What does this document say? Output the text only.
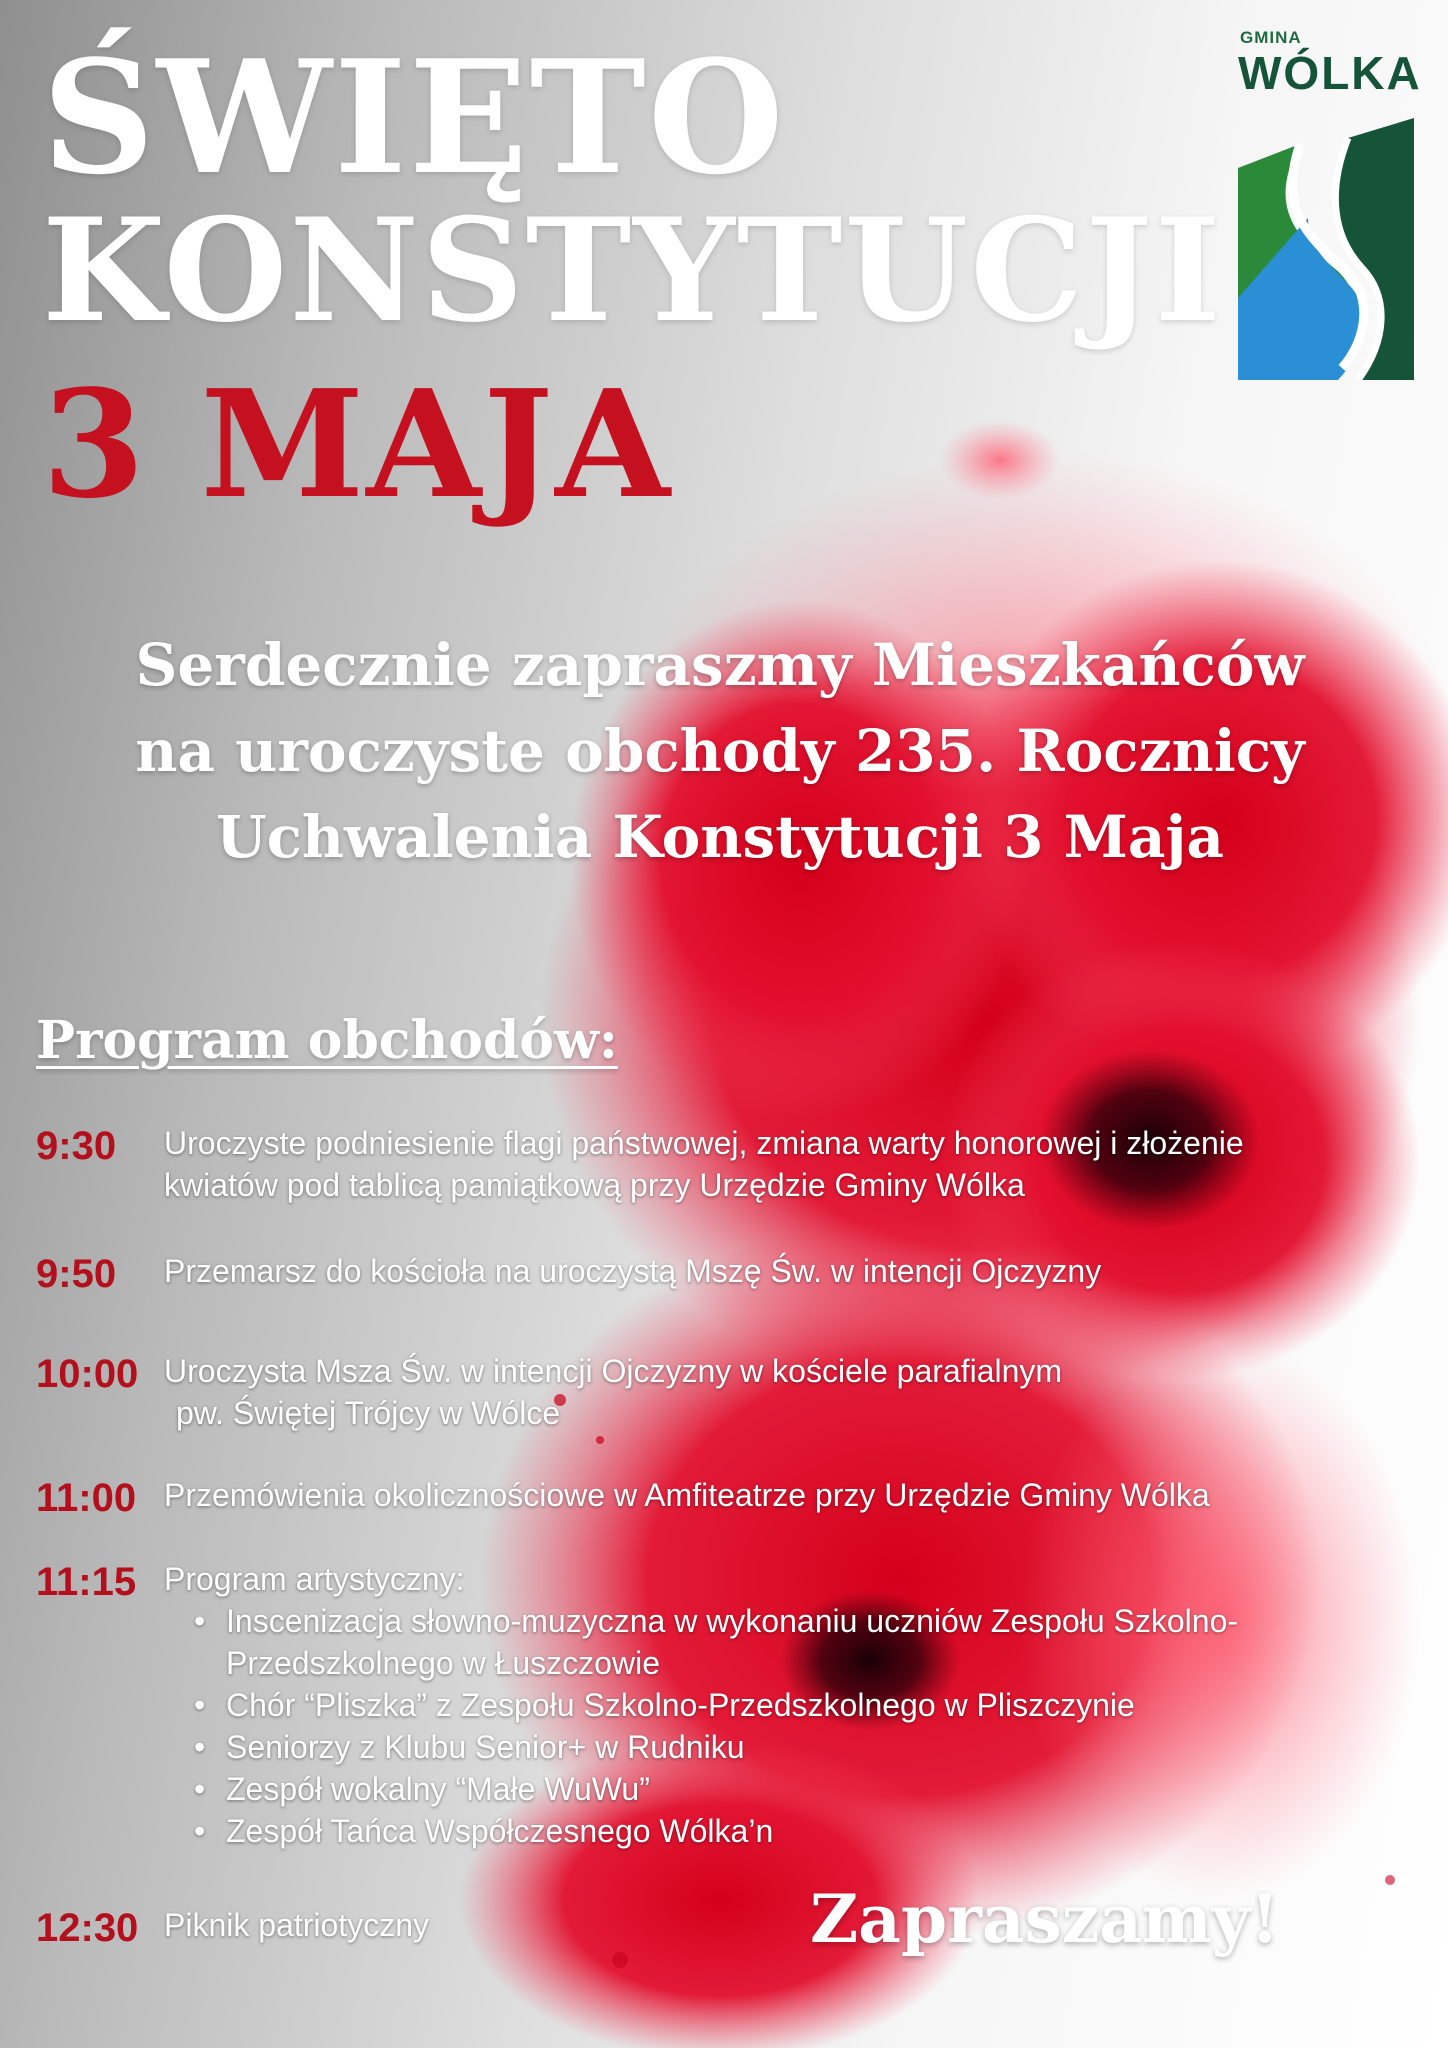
ŚWIĘTO
KONSTYTUCJI
3 MAJA
GMINA
WÓLKA
Serdecznie zapraszmy Mieszkańców
na uroczyste obchody 235. Rocznicy
Uchwalenia Konstytucji 3 Maja
Program obchodów:
9:30 Uroczyste podniesienie flagi państwowej, zmiana warty honorowej i złożenie
kwiatów pod tablicą pamiątkową przy Urzędzie Gminy Wólka
9:50 Przemarsz do kościoła na uroczystą Mszę Św. w intencji Ojczyzny
10:00 Uroczysta Msza Św. w intencji Ojczyzny w kościele parafialnym
pw. Świętej Trójcy w Wólce
11:00 Przemówienia okolicznościowe w Amfiteatrze przy Urzędzie Gminy Wólka
11:15 Program artystyczny:
• Inscenizacja słowno-muzyczna w wykonaniu uczniów Zespołu Szkolno-
Przedszkolnego w Łuszczowie
• Chór “Pliszka” z Zespołu Szkolno-Przedszkolnego w Pliszczynie
• Seniorzy z Klubu Senior+ w Rudniku
• Zespół wokalny “Małe WuWu”
• Zespół Tańca Współczesnego Wólka’n
12:30 Piknik patriotyczny	Zapraszamy!
